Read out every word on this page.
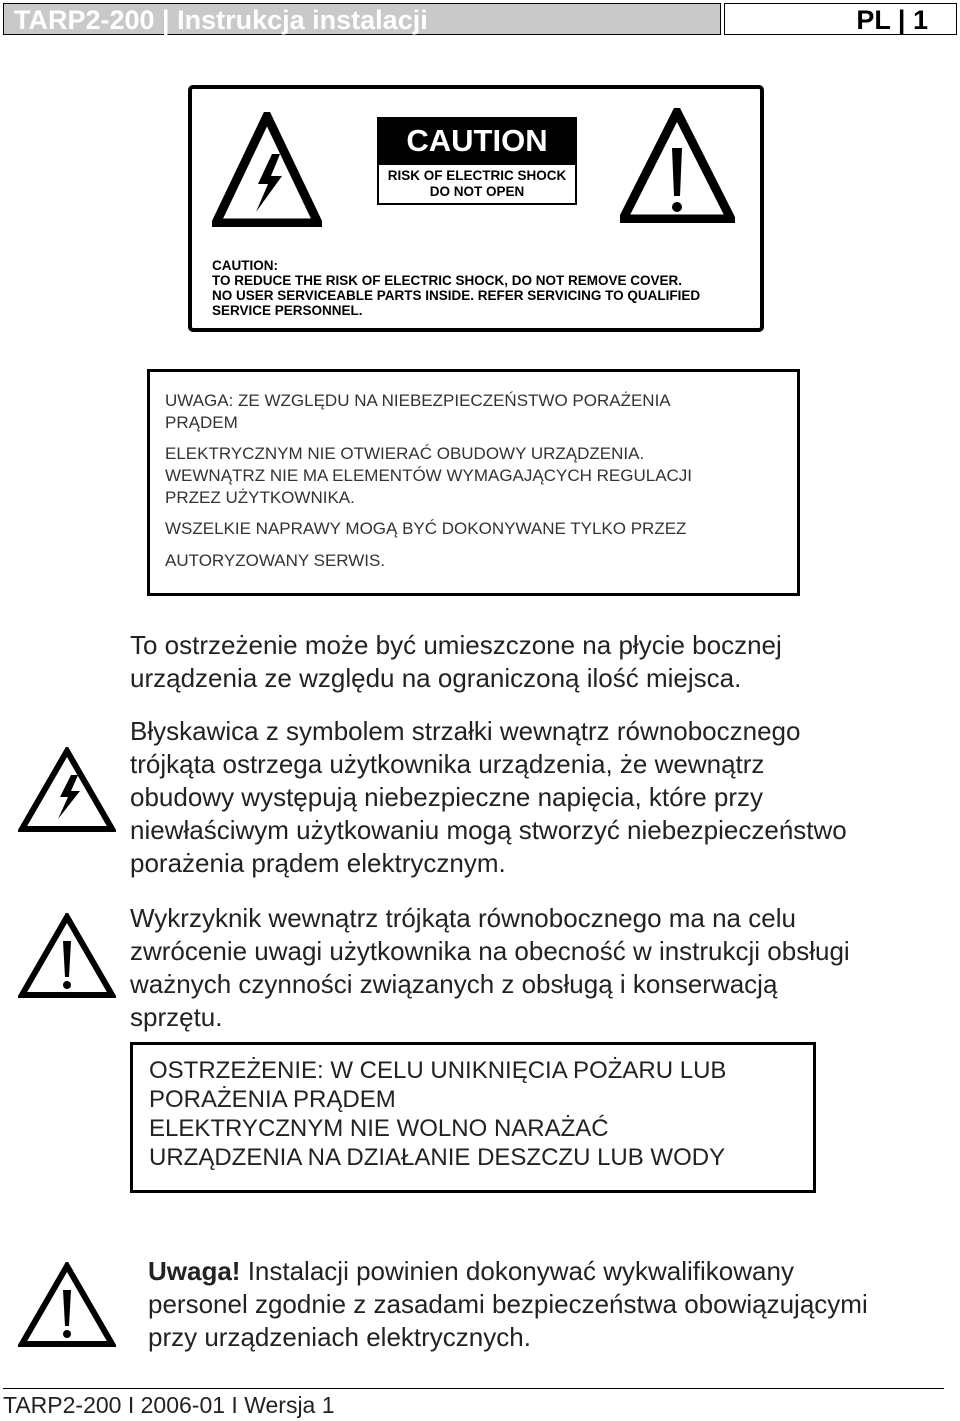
TARP2-200 | Instrukcja instalacji	PL | 1
CAUTION
RISK OF ELECTRIC SHOCK
DO NOT OPEN
CAUTION:
TO REDUCE THE RISK OF ELECTRIC SHOCK, DO NOT REMOVE COVER.
NO USER SERVICEABLE PARTS INSIDE. REFER SERVICING TO QUALIFIED
SERVICE PERSONNEL.
UWAGA: ZE WZGLĘDU NA NIEBEZPIECZEŃSTWO PORAŻENIA
PRĄDEM
ELEKTRYCZNYM NIE OTWIERAĆ OBUDOWY URZĄDZENIA.
WEWNĄTRZ NIE MA ELEMENTÓW WYMAGAJĄCYCH REGULACJI
PRZEZ UŻYTKOWNIKA.
WSZELKIE NAPRAWY MOGĄ BYĆ DOKONYWANE TYLKO PRZEZ
AUTORYZOWANY SERWIS.
To ostrzeżenie może być umieszczone na płycie bocznej
urządzenia ze względu na ograniczoną ilość miejsca.
Błyskawica z symbolem strzałki wewnątrz równobocznego
trójkąta ostrzega użytkownika urządzenia, że wewnątrz
obudowy występują niebezpieczne napięcia, które przy
niewłaściwym użytkowaniu mogą stworzyć niebezpieczeństwo
porażenia prądem elektrycznym.
Wykrzyknik wewnątrz trójkąta równobocznego ma na celu
zwrócenie uwagi użytkownika na obecność w instrukcji obsługi
ważnych czynności związanych z obsługą i konserwacją
sprzętu.
OSTRZEŻENIE: W CELU UNIKNIĘCIA POŻARU LUB
PORAŻENIA PRĄDEM
ELEKTRYCZNYM NIE WOLNO NARAŻAĆ
URZĄDZENIA NA DZIAŁANIE DESZCZU LUB WODY
Uwaga! Instalacji powinien dokonywać wykwalifikowany
personel zgodnie z zasadami bezpieczeństwa obowiązującymi
przy urządzeniach elektrycznych.
TARP2-200 I 2006-01 I Wersja 1
